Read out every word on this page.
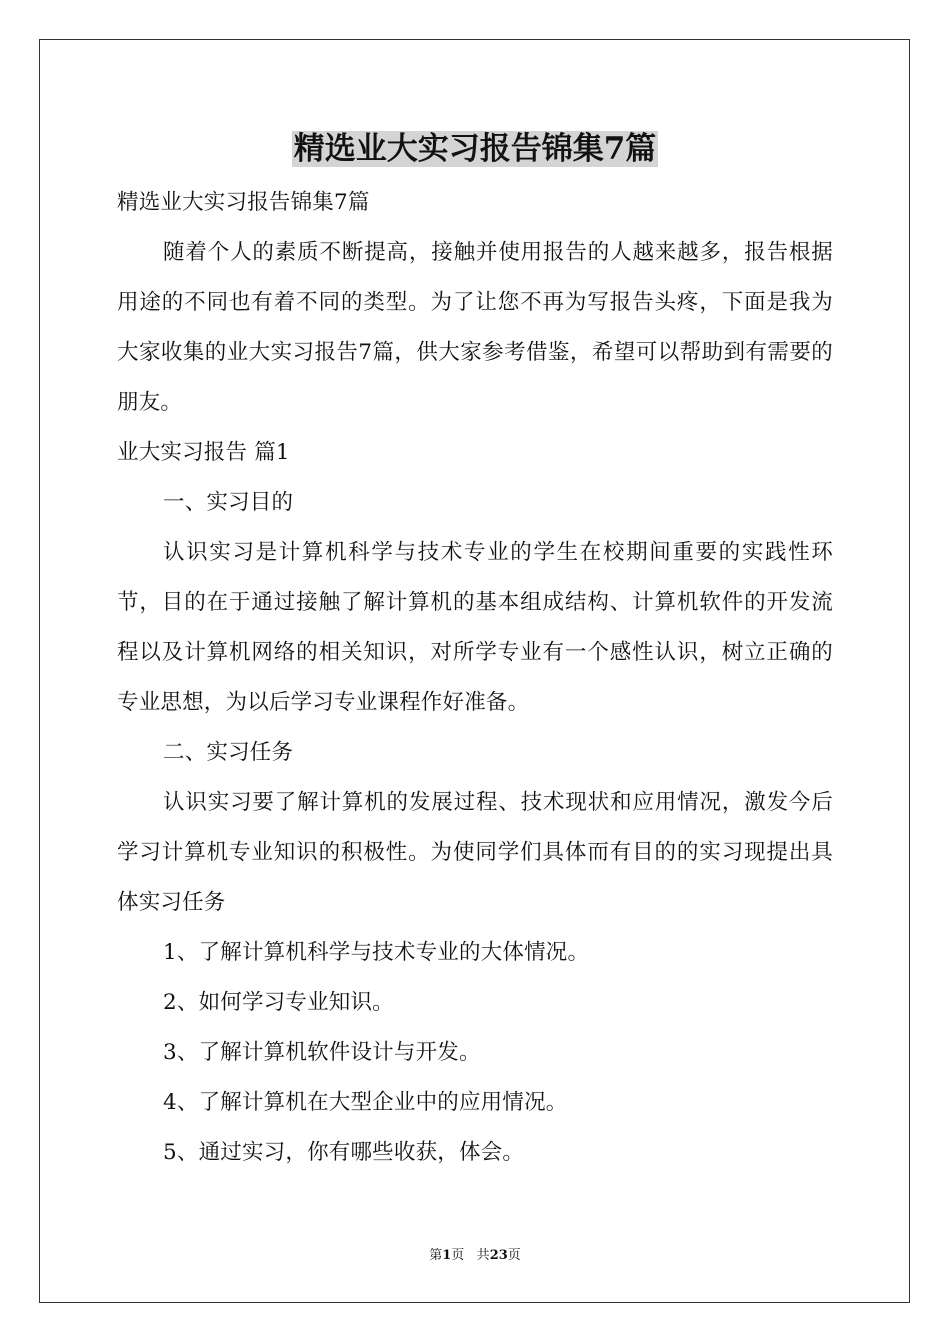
精选业大实习报告锦集7篇

精选业大实习报告锦集7篇

随着个人的素质不断提高，接触并使用报告的人越来越多，报告根据用途的不同也有着不同的类型。为了让您不再为写报告头疼，下面是我为大家收集的业大实习报告7篇，供大家参考借鉴，希望可以帮助到有需要的朋友。

业大实习报告 篇1

一、实习目的

认识实习是计算机科学与技术专业的学生在校期间重要的实践性环节，目的在于通过接触了解计算机的基本组成结构、计算机软件的开发流程以及计算机网络的相关知识，对所学专业有一个感性认识，树立正确的专业思想，为以后学习专业课程作好准备。

二、实习任务

认识实习要了解计算机的发展过程、技术现状和应用情况，激发今后学习计算机专业知识的积极性。为使同学们具体而有目的的实习现提出具体实习任务

1、了解计算机科学与技术专业的大体情况。

2、如何学习专业知识。

3、了解计算机软件设计与开发。

4、了解计算机在大型企业中的应用情况。

5、通过实习，你有哪些收获，体会。

第1页 共23页
